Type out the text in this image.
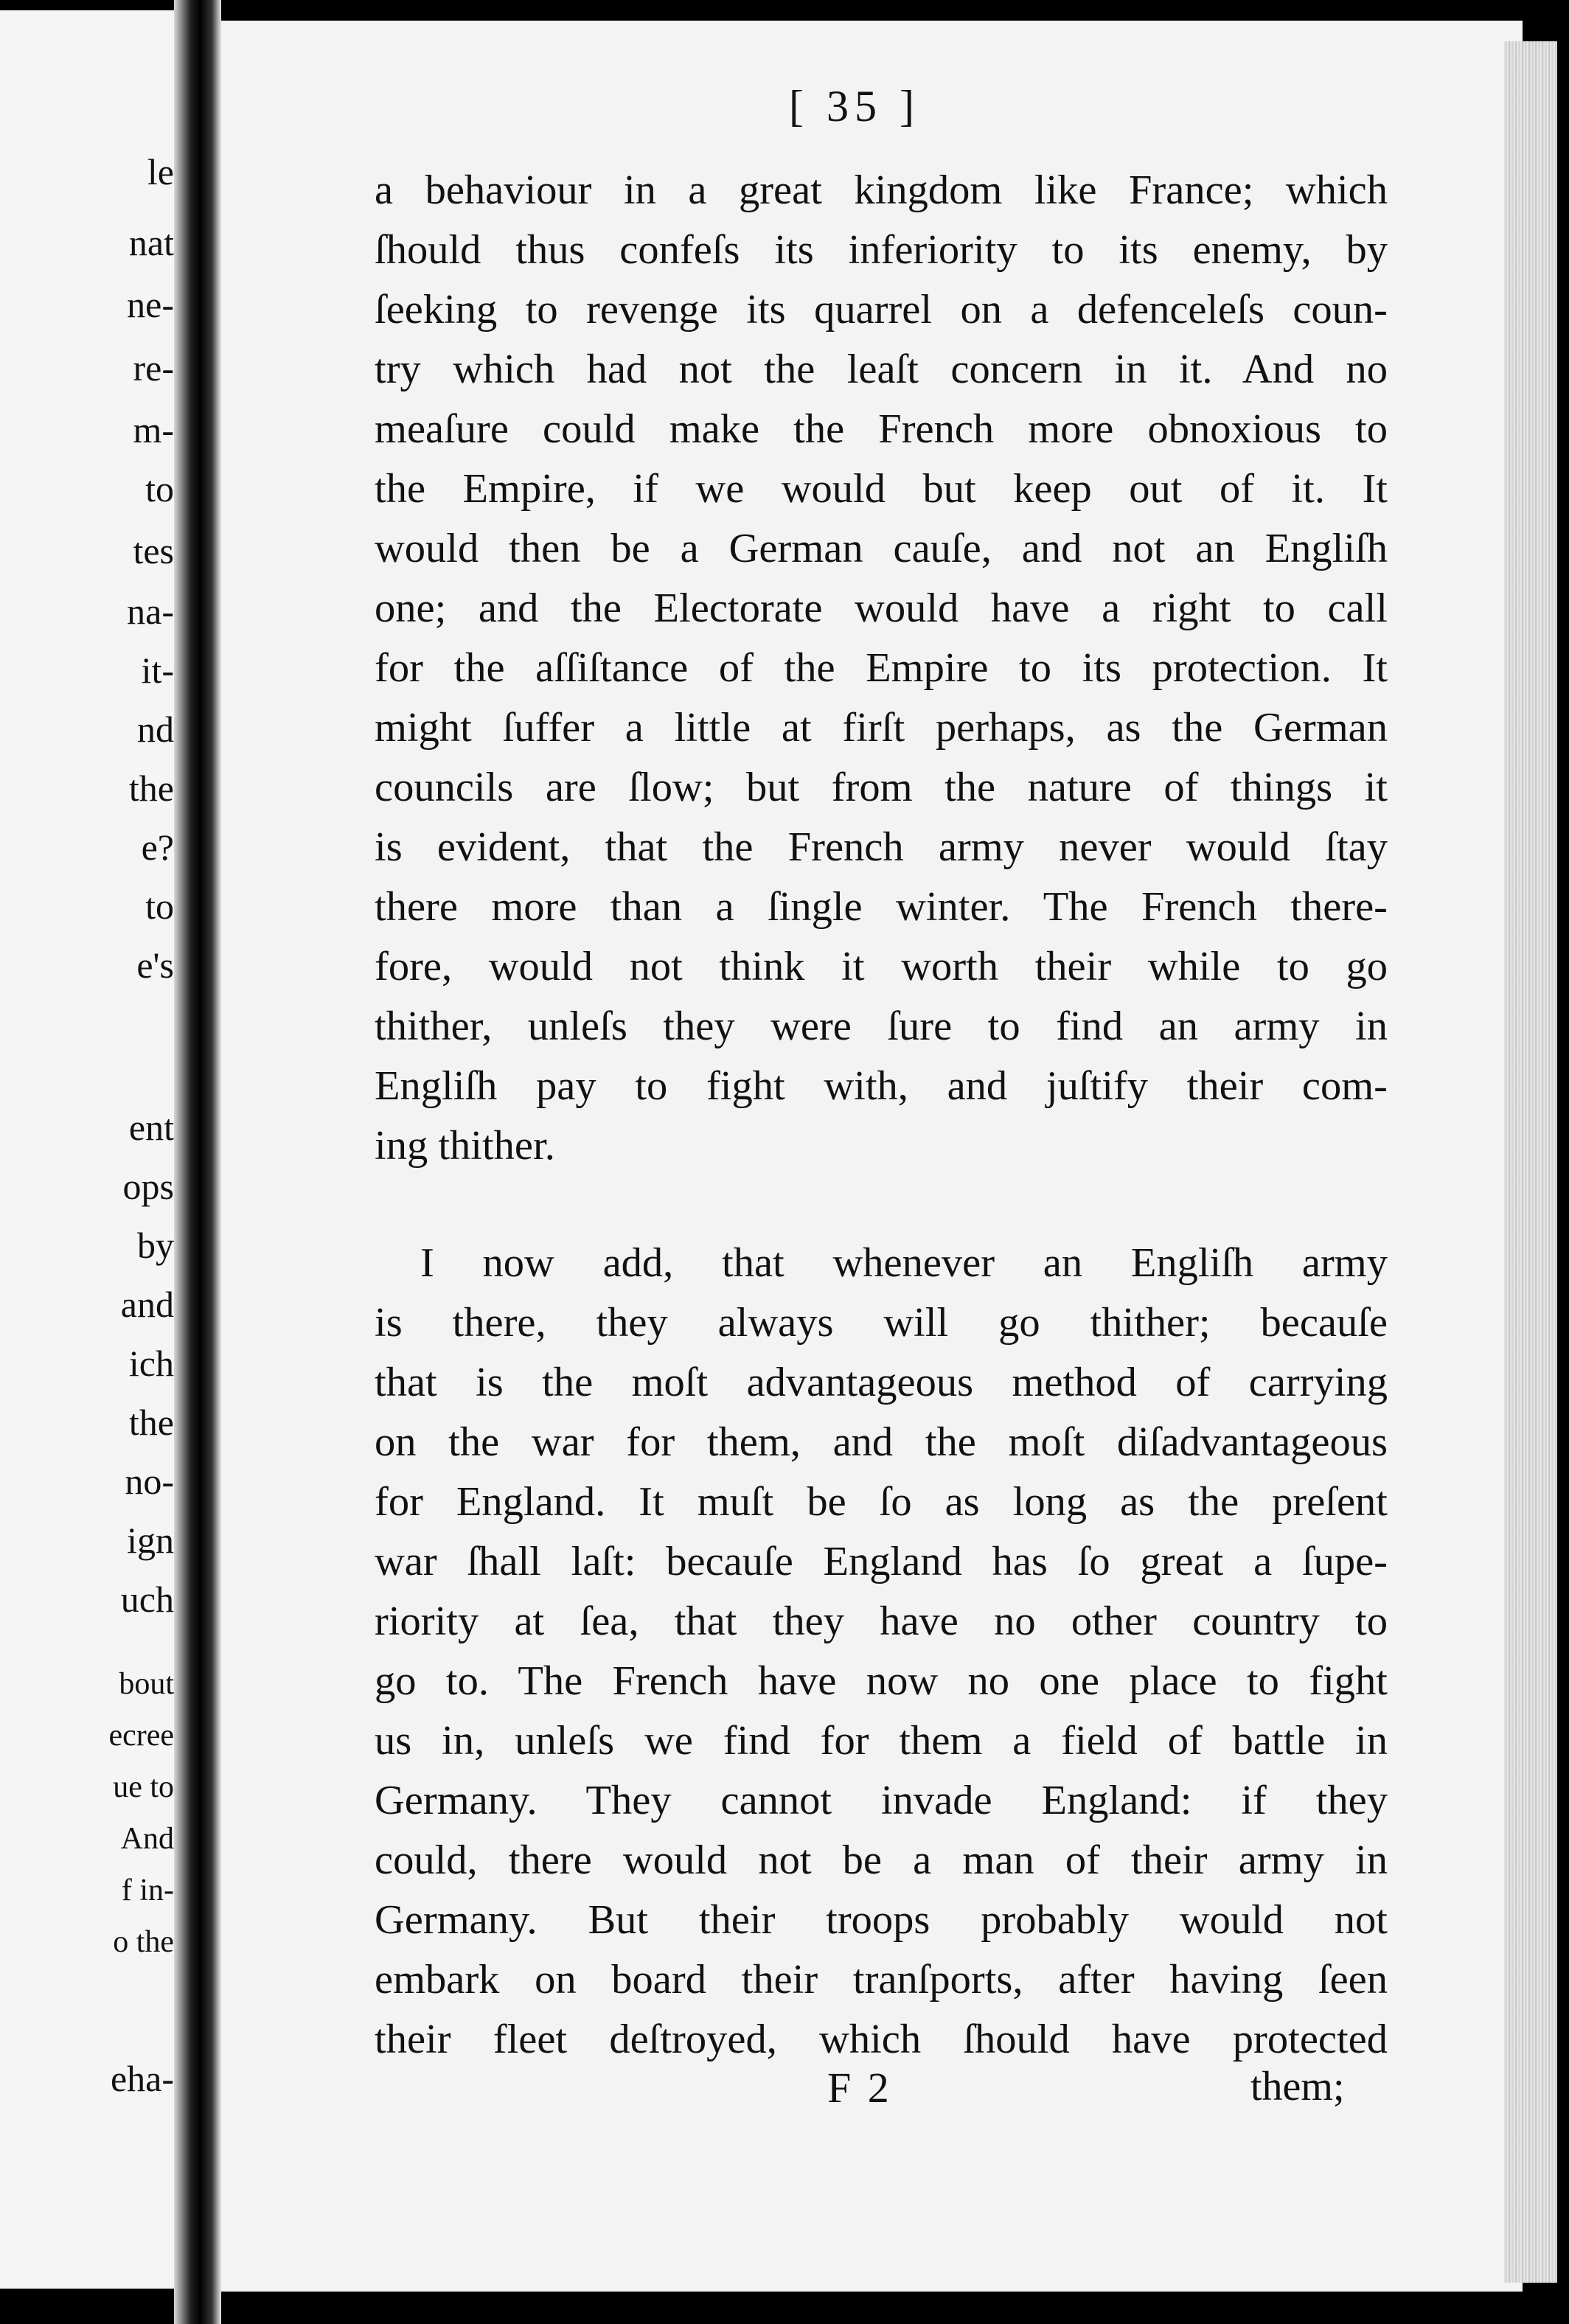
le
nat
ne-
re-
m-
to
tes
na-
it-
nd
the
e?
to
e's
ent
ops
by
and
ich
the
no-
ign
uch
bout
ecree
ue to
And
f in-
o the
eha-
[ 35 ]
a behaviour in a great kingdom like France; which
ſhould thus confeſs its inferiority to its enemy, by
ſeeking to revenge its quarrel on a defenceleſs coun-
try which had not the leaſt concern in it. And no
meaſure could make the French more obnoxious to
the Empire, if we would but keep out of it. It
would then be a German cauſe, and not an Engliſh
one; and the Electorate would have a right to call
for the aſſiſtance of the Empire to its protection. It
might ſuffer a little at firſt perhaps, as the German
councils are ſlow; but from the nature of things it
is evident, that the French army never would ſtay
there more than a ſingle winter. The French there-
fore, would not think it worth their while to go
thither, unleſs they were ſure to find an army in
Engliſh pay to fight with, and juſtify their com-
ing thither.
I now add, that whenever an Engliſh army
is there, they always will go thither; becauſe
that is the moſt advantageous method of carrying
on the war for them, and the moſt diſadvantageous
for England. It muſt be ſo as long as the preſent
war ſhall laſt: becauſe England has ſo great a ſupe-
riority at ſea, that they have no other country to
go to. The French have now no one place to fight
us in, unleſs we find for them a field of battle in
Germany. They cannot invade England: if they
could, there would not be a man of their army in
Germany. But their troops probably would not
embark on board their tranſports, after having ſeen
their fleet deſtroyed, which ſhould have protected
F 2	them;
